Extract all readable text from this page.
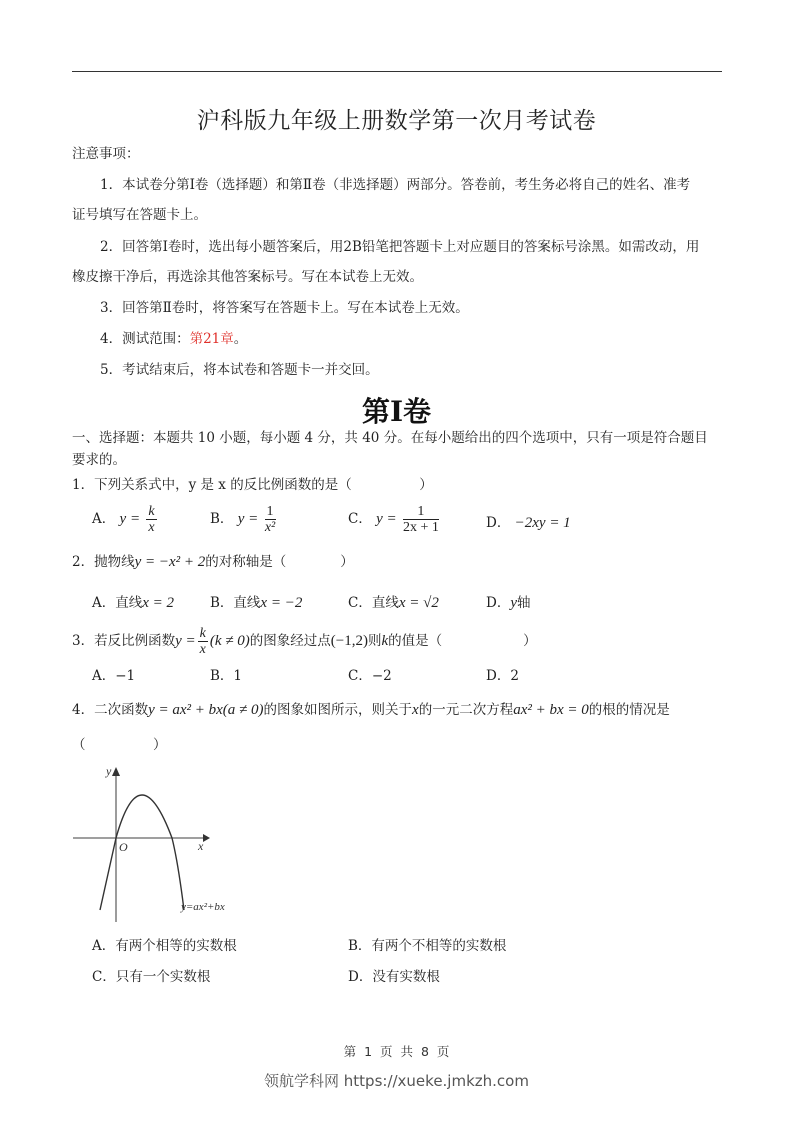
沪科版九年级上册数学第一次月考试卷
注意事项：
1．本试卷分第Ⅰ卷（选择题）和第Ⅱ卷（非选择题）两部分。答卷前，考生务必将自己的姓名、准考
证号填写在答题卡上。
2．回答第Ⅰ卷时，选出每小题答案后，用2B铅笔把答题卡上对应题目的答案标号涂黑。如需改动，用
橡皮擦干净后，再选涂其他答案标号。写在本试卷上无效。
3．回答第Ⅱ卷时，将答案写在答题卡上。写在本试卷上无效。
4．测试范围：第21章。
5．考试结束后，将本试卷和答题卡一并交回。
第Ⅰ卷
一、选择题：本题共 10 小题，每小题 4 分，共 40 分。在每小题给出的四个选项中，只有一项是符合题目
要求的。
1．下列关系式中，y 是 x 的反比例函数的是（　　　　　）
A． $y = \frac{k}{x}$	B． $y = \frac{1}{\text{x²}}$	C． $y = \frac{1}{2x + 1}$	D． −2xy = 1
2．抛物线y = −x² + 2的对称轴是（　　　　）
A．直线x = 2	B．直线x = −2	C．直线x = √2	D．y轴
3．若反比例函数$y = \frac{k}{x} (k \ne 0)$的图象经过点(−1,2)则k的值是（　　　　　　）
A．−1	B．1	C．−2	D．2
4．二次函数y = ax² + bx(a ≠ 0)的图象如图所示，则关于x的一元二次方程ax² + bx = 0的根的情况是
（　　　　　）
y
x
O
y=ax²+bx
A．有两个相等的实数根	B．有两个不相等的实数根
C．只有一个实数根	D．没有实数根
第 1 页 共 8 页
领航学科网 https://xueke.jmkzh.com
